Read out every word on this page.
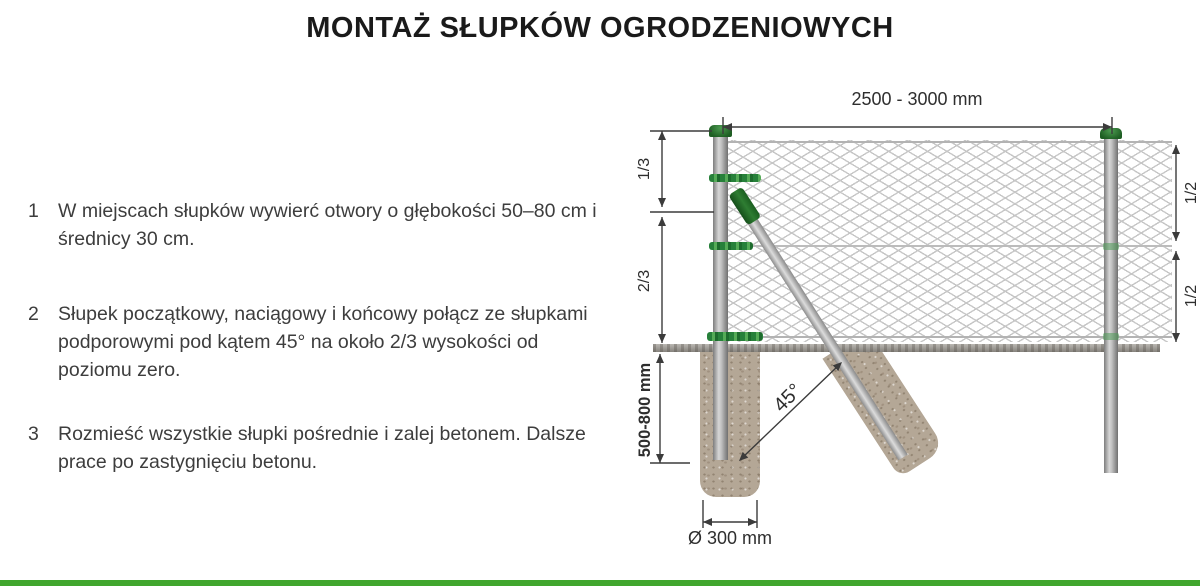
MONTAŻ SŁUPKÓW OGRODZENIOWYCH
1 W miejscach słupków wywierć otwory o głębokości 50–80 cm i średnicy 30 cm.
2 Słupek początkowy, naciągowy i końcowy połącz ze słupkami podporowymi pod kątem 45° na około 2/3 wysokości od poziomu zero.
3 Rozmieść wszystkie słupki pośrednie i zalej betonem. Dalsze prace po zastygnięciu betonu.
2500 - 3000 mm
1/3
2/3
1/2
1/2
500-800 mm	45°
Ø 300 mm
